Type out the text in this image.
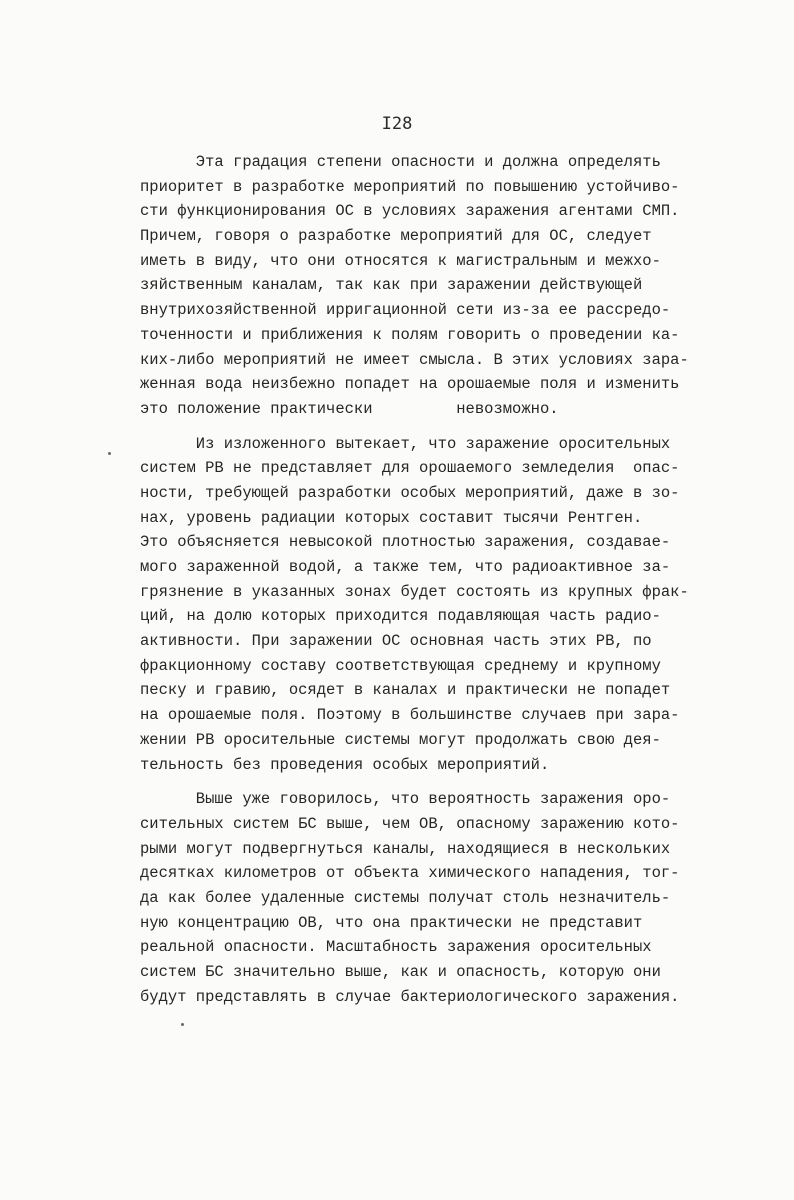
I28

Эта градация степени опасности и должна определять
приоритет в разработке мероприятий по повышению устойчиво-
сти функционирования ОС в условиях заражения агентами СМП.
Причем, говоря о разработке мероприятий для ОС, следует
иметь в виду, что они относятся к магистральным и межхо-
зяйственным каналам, так как при заражении действующей
внутрихозяйственной ирригационной сети из-за ее рассредо-
точенности и приближения к полям говорить о проведении ка-
ких-либо мероприятий не имеет смысла. В этих условиях зара-
женная вода неизбежно попадет на орошаемые поля и изменить
это положение практически         невозможно.
Из изложенного вытекает, что заражение оросительных
систем РВ не представляет для орошаемого земледелия  опас-
ности, требующей разработки особых мероприятий, даже в зо-
нах, уровень радиации которых составит тысячи Рентген.
Это объясняется невысокой плотностью заражения, создавае-
мого зараженной водой, а также тем, что радиоактивное за-
грязнение в указанных зонах будет состоять из крупных фрак-
ций, на долю которых приходится подавляющая часть радио-
активности. При заражении ОС основная часть этих РВ, по
фракционному составу соответствующая среднему и крупному
песку и гравию, осядет в каналах и практически не попадет
на орошаемые поля. Поэтому в большинстве случаев при зара-
жении РВ оросительные системы могут продолжать свою дея-
тельность без проведения особых мероприятий.
Выше уже говорилось, что вероятность заражения оро-
сительных систем БС выше, чем ОВ, опасному заражению кото-
рыми могут подвергнуться каналы, находящиеся в нескольких
десятках километров от объекта химического нападения, тог-
да как более удаленные системы получат столь незначитель-
ную концентрацию ОВ, что она практически не представит
реальной опасности. Масштабность заражения оросительных
систем БС значительно выше, как и опасность, которую они
будут представлять в случае бактериологического заражения.
